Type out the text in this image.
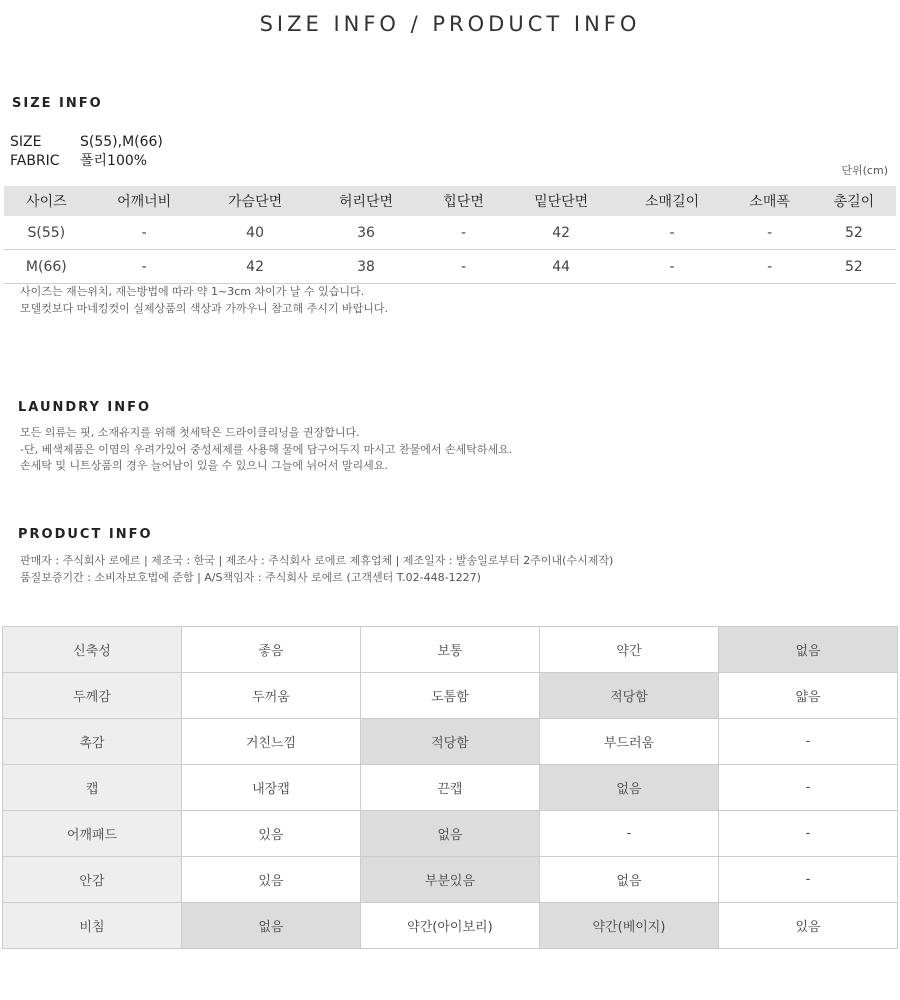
SIZE INFO / PRODUCT INFO
SIZE INFO
SIZE	S(55),M(66)
FABRIC 폴리100%
단위(cm)
사이즈	어깨너비	가슴단면	허리단면	힙단면	밑단단면	소매길이	소매폭	총길이
S(55)	-	40	36	-	42	-	-	52
M(66)	-	42	38	-	44	-	-	52
사이즈는 재는위치, 재는방법에 따라 약 1~3cm 차이가 날 수 있습니다.
모델컷보다 마네킹컷이 실제상품의 색상과 가까우니 참고해 주시기 바랍니다.
LAUNDRY INFO
모든 의류는 핏, 소재유지를 위해 첫세탁은 드라이클리닝을 권장합니다.
-단, 베색제품은 이염의 우려가있어 중성세제를 사용해 물에 담구어두지 마시고 찬물에서 손세탁하세요.
손세탁 및 니트상품의 경우 늘어남이 있을 수 있으니 그늘에 뉘어서 말리세요.
PRODUCT INFO
판매자 : 주식회사 로에르 | 제조국 : 한국 | 제조사 : 주식회사 로에르 제휴업체 | 제조일자 : 발송일로부터 2주이내(수시제작)
품질보증기간 : 소비자보호법에 준함 | A/S책임자 : 주식회사 로에르 (고객센터 T.02-448-1227)
신축성	좋음	보통	약간	없음
두께감	두꺼움	도톰함	적당함	얇음
촉감	거친느낌	적당함	부드러움	-
캡	내장캡	끈캡	없음	-
어깨패드	있음	없음	-	-
안감	있음	부분있음	없음	-
비침	없음	약간(아이보리)	약간(베이지)	있음
